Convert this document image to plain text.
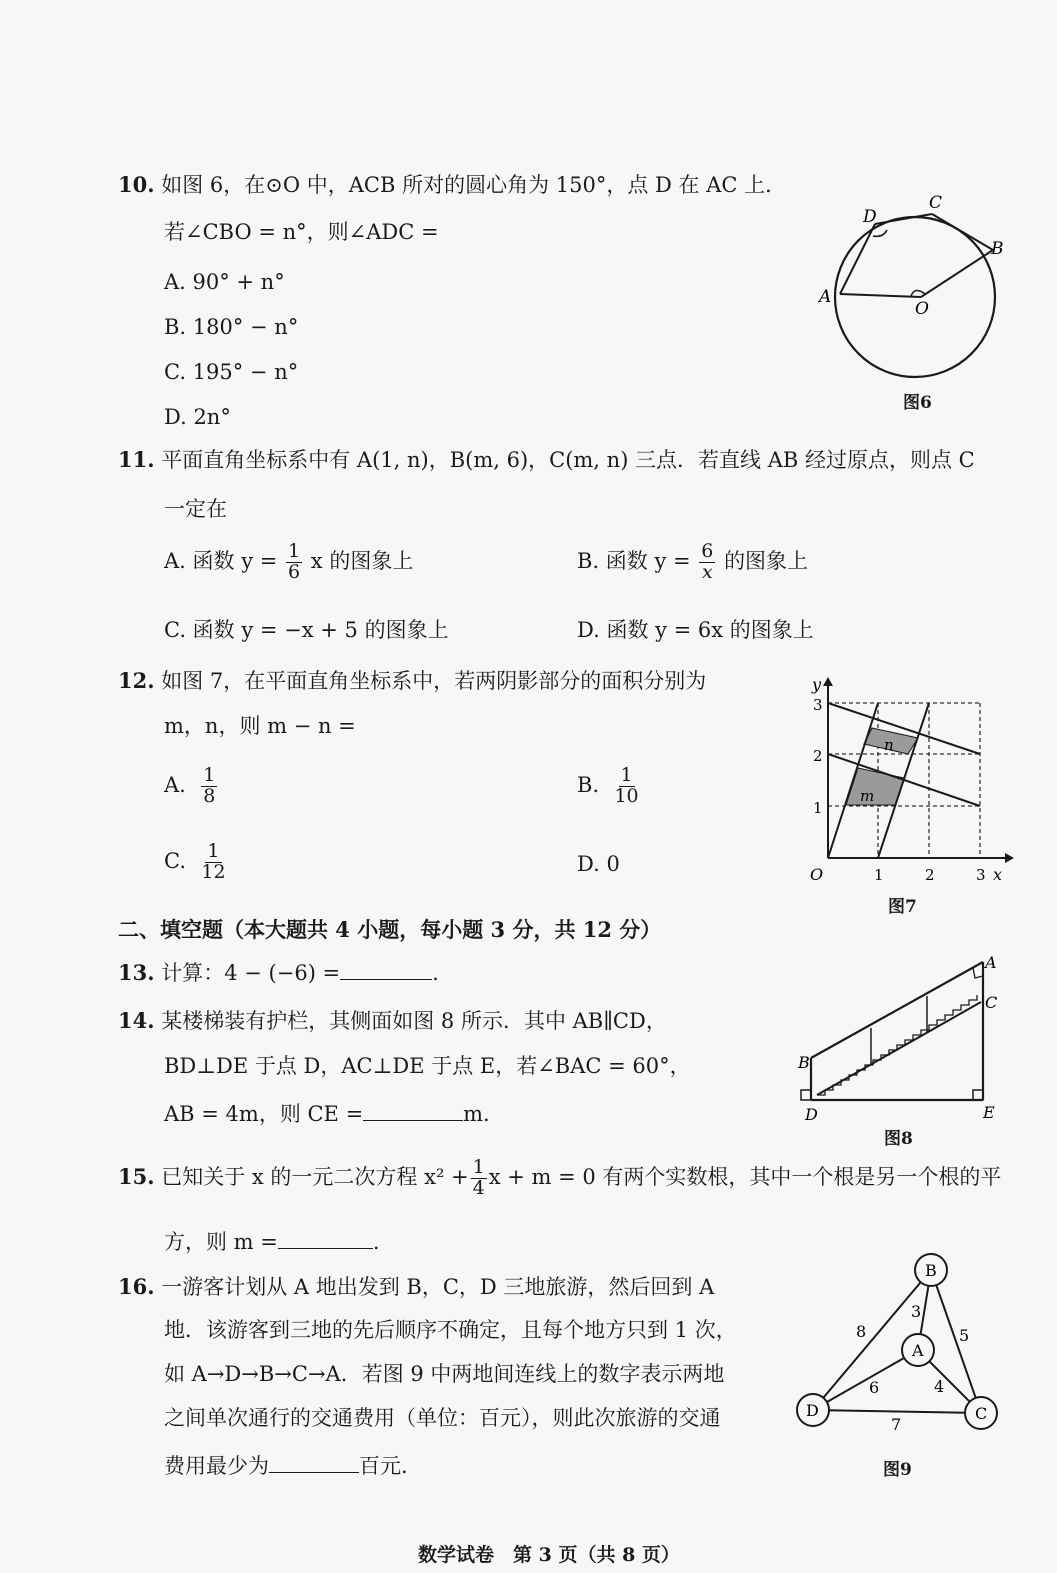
10. 如图 6，在⊙O 中，ACB 所对的圆心角为 150°，点 D 在 AC 上．
若∠CBO = n°，则∠ADC =
A. 90° + n°
B. 180° − n°
C. 195° − n°
D. 2n°
D
C
B
A
O
图6
11. 平面直角坐标系中有 A(1, n)，B(m, 6)，C(m, n) 三点．若直线 AB 经过原点，则点 C
一定在
A. 函数 $y = \frac{1}{6}$ x 的图象上	B. 函数 $y = \frac{6}{x}$ 的图象上
C. 函数 y = −x + 5 的图象上	D. 函数 y = 6x 的图象上
12. 如图 7，在平面直角坐标系中，若两阴影部分的面积分别为
m，n，则 m − n =
A. $\frac{1}{8}$	B. $\frac{1}{10}$
C. $\frac{1}{12}$	D. 0
y
x
O	1	2	3
1
2
3
n
m
图7
二、填空题（本大题共 4 小题，每小题 3 分，共 12 分）
13. 计算：4 − (−6) =	.
14. 某楼梯装有护栏，其侧面如图 8 所示．其中 AB∥CD，
BD⊥DE 于点 D，AC⊥DE 于点 E，若∠BAC = 60°，
AB = 4m，则 CE =	m．
A
C
B
D	E
图8
15. 已知关于 x 的一元二次方程 $x^2 + \frac{1}{4}$ x + m = 0 有两个实数根，其中一个根是另一个根的平
方，则 m =	.
16. 一游客计划从 A 地出发到 B，C，D 三地旅游，然后回到 A
地．该游客到三地的先后顺序不确定，且每个地方只到 1 次，
如 A→D→B→C→A．若图 9 中两地间连线上的数字表示两地
之间单次通行的交通费用（单位：百元），则此次旅游的交通
费用最少为	百元.
B
A
D	C
3
8	5
6	4
7
图9
数学试卷　第 3 页（共 8 页）
